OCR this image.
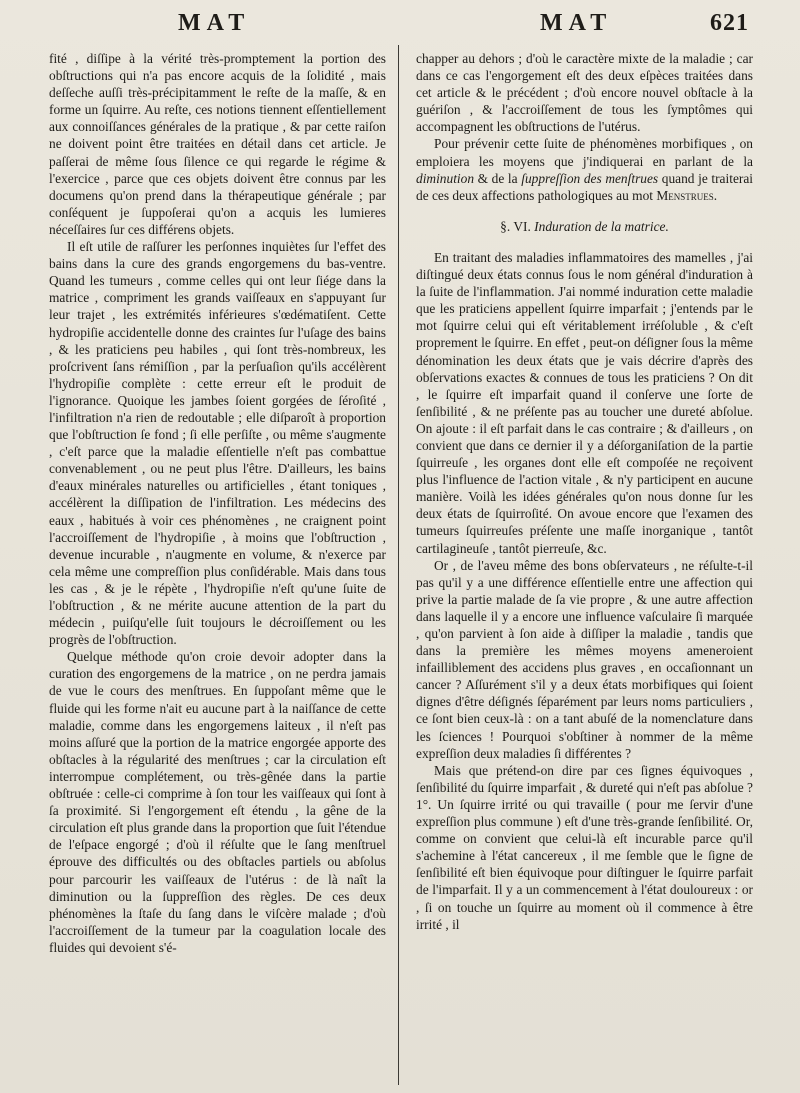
MAT	MAT	621

fité , diſſipe à la vérité très-promptement la portion des obſtructions qui n'a pas encore acquis de la ſolidité , mais deſſeche auſſi très-précipitamment le reſte de la maſſe, & en forme un ſquirre. Au reſte, ces notions tiennent eſſentiellement aux connoiſſances générales de la pratique , & par cette raiſon ne doivent point être traitées en détail dans cet article. Je paſſerai de même ſous ſilence ce qui regarde le régime & l'exercice , parce que ces objets doivent être connus par les documens qu'on prend dans la thérapeutique générale ; par conſéquent je ſuppoſerai qu'on a acquis les lumieres néceſſaires ſur ces différens objets.

Il eſt utile de raſſurer les perſonnes inquiètes ſur l'effet des bains dans la cure des grands engorgemens du bas-ventre. Quand les tumeurs , comme celles qui ont leur ſiége dans la matrice , compriment les grands vaiſſeaux en s'appuyant ſur leur trajet , les extrémités inférieures s'œdématiſent. Cette hydropiſie accidentelle donne des craintes ſur l'uſage des bains , & les praticiens peu habiles , qui ſont très-nombreux, les proſcrivent ſans rémiſſion , par la perſuaſion qu'ils accélèrent l'hydropiſie complète : cette erreur eſt le produit de l'ignorance. Quoique les jambes ſoient gorgées de ſéroſité , l'infiltration n'a rien de redoutable ; elle diſparoît à proportion que l'obſtruction ſe fond ; ſi elle perſiſte , ou même s'augmente , c'eſt parce que la maladie eſſentielle n'eſt pas combattue convenablement , ou ne peut plus l'être. D'ailleurs, les bains d'eaux minérales naturelles ou artificielles , étant toniques , accélèrent la diſſipation de l'infiltration. Les médecins des eaux , habitués à voir ces phénomènes , ne craignent point l'accroiſſement de l'hydropiſie , à moins que l'obſtruction , devenue incurable , n'augmente en volume, & n'exerce par cela même une compreſſion plus conſidérable. Mais dans tous les cas , & je le répète , l'hydropiſie n'eſt qu'une ſuite de l'obſtruction , & ne mérite aucune attention de la part du médecin , puiſqu'elle ſuit toujours le décroiſſement ou les progrès de l'obſtruction.

Quelque méthode qu'on croie devoir adopter dans la curation des engorgemens de la matrice , on ne perdra jamais de vue le cours des menſtrues. En ſuppoſant même que le fluide qui les forme n'ait eu aucune part à la naiſſance de cette maladie, comme dans les engorgemens laiteux , il n'eſt pas moins aſſuré que la portion de la matrice engorgée apporte des obſtacles à la régularité des menſtrues ; car la circulation eſt interrompue complétement, ou très-gênée dans la partie obſtruée : celle-ci comprime à ſon tour les vaiſſeaux qui ſont à ſa proximité. Si l'engorgement eſt étendu , la gêne de la circulation eſt plus grande dans la proportion que ſuit l'étendue de l'eſpace engorgé ; d'où il réſulte que le ſang menſtruel éprouve des difficultés ou des obſtacles partiels ou abſolus pour parcourir les vaiſſeaux de l'utérus : de là naît la diminution ou la ſuppreſſion des règles. De ces deux phénomènes la ſtaſe du ſang dans le viſcère malade ; d'où l'accroiſſement de la tumeur par la coagulation locale des fluides qui devoient s'é-

chapper au dehors ; d'où le caractère mixte de la maladie ; car dans ce cas l'engorgement eſt des deux eſpèces traitées dans cet article & le précédent ; d'où encore nouvel obſtacle à la guériſon , & l'accroiſſement de tous les ſymptômes qui accompagnent les obſtructions de l'utérus.

Pour prévenir cette ſuite de phénomènes morbifiques , on emploiera les moyens que j'indiquerai en parlant de la diminution & de la ſuppreſſion des menſtrues quand je traiterai de ces deux affections pathologiques au mot Menstrues.

§. VI. Induration de la matrice.

En traitant des maladies inflammatoires des mamelles , j'ai diſtingué deux états connus ſous le nom général d'induration à la ſuite de l'inflammation. J'ai nommé induration cette maladie que les praticiens appellent ſquirre imparfait ; j'entends par le mot ſquirre celui qui eſt véritablement irréſoluble , & c'eſt proprement le ſquirre. En effet , peut-on déſigner ſous la même dénomination les deux états que je vais décrire d'après des obſervations exactes & connues de tous les praticiens ? On dit , le ſquirre eſt imparfait quand il conſerve une ſorte de ſenſibilité , & ne préſente pas au toucher une dureté abſolue. On ajoute : il eſt parfait dans le cas contraire ; & d'ailleurs , on convient que dans ce dernier il y a déſorganiſation de la partie ſquirreuſe , les organes dont elle eſt compoſée ne reçoivent plus l'influence de l'action vitale , & n'y participent en aucune manière. Voilà les idées générales qu'on nous donne ſur les deux états de ſquirroſité. On avoue encore que l'examen des tumeurs ſquirreuſes préſente une maſſe inorganique , tantôt cartilagineuſe , tantôt pierreuſe, &c.

Or , de l'aveu même des bons obſervateurs , ne réſulte-t-il pas qu'il y a une différence eſſentielle entre une affection qui prive la partie malade de ſa vie propre , & une autre affection dans laquelle il y a encore une influence vaſculaire ſi marquée , qu'on parvient à ſon aide à diſſiper la maladie , tandis que dans la première les mêmes moyens ameneroient infailliblement des accidens plus graves , en occaſionnant un cancer ? Aſſurément s'il y a deux états morbifiques qui ſoient dignes d'être déſignés ſéparément par leurs noms particuliers , ce ſont bien ceux-là : on a tant abuſé de la nomenclature dans les ſciences ! Pourquoi s'obſtiner à nommer de la même expreſſion deux maladies ſi différentes ?

Mais que prétend-on dire par ces ſignes équivoques , ſenſibilité du ſquirre imparfait , & dureté qui n'eſt pas abſolue ? 1°. Un ſquirre irrité ou qui travaille ( pour me ſervir d'une expreſſion plus commune ) eſt d'une très-grande ſenſibilité. Or, comme on convient que celui-là eſt incurable parce qu'il s'achemine à l'état cancereux , il me ſemble que le ſigne de ſenſibilité eſt bien équivoque pour diſtinguer le ſquirre parfait de l'imparfait. Il y a un commencement à l'état douloureux : or , ſi on touche un ſquirre au moment où il commence à être irrité , il
